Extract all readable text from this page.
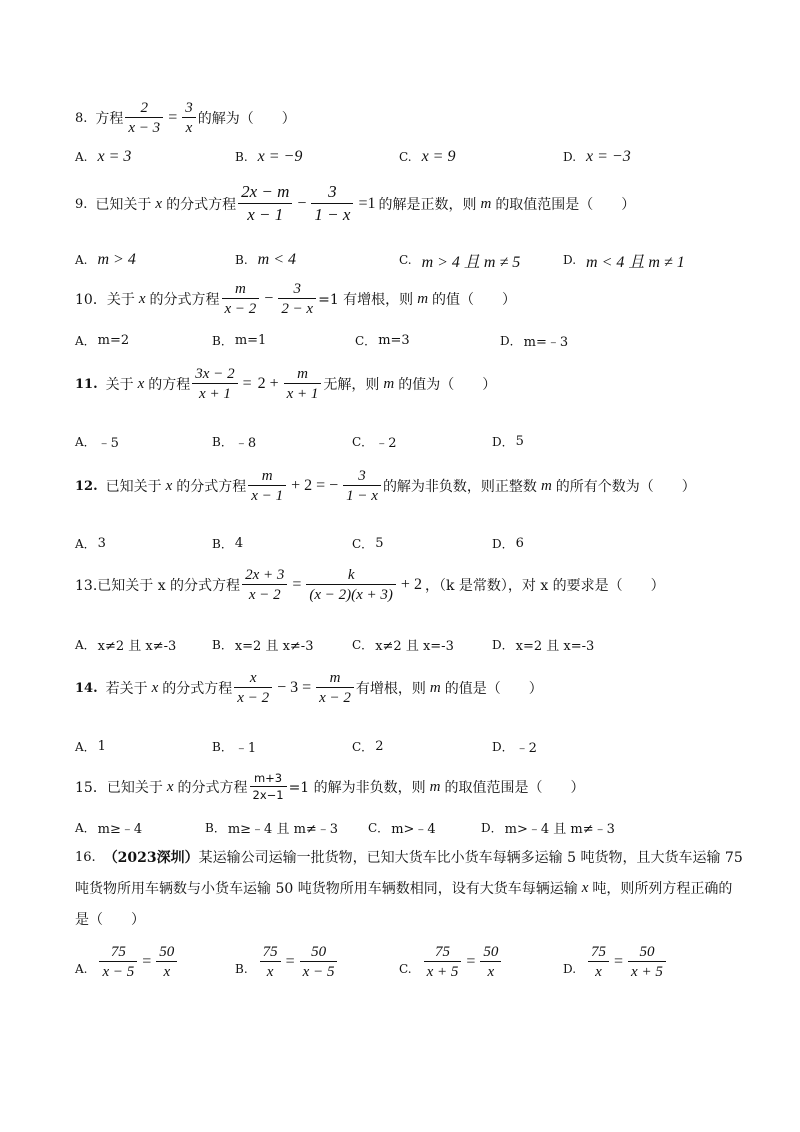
8. 方程 $\frac{2}{x - 3} = \frac{3}{x}$ 的解为（　　）
A. x = 3	B. x = −9	C. x = 9	D. x = −3
9. 已知关于 x 的分式方程 $\frac{2x - m}{x - 1} - \frac{3}{1 - x} =1$ 的解是正数，则 m 的取值范围是（　　）
A. m > 4	B. m < 4	C. m > 4 且 m ≠ 5	D. m < 4 且 m ≠ 1
10．关于 x 的分式方程 $\frac{m}{x - 2} - \frac{3}{2 - x} =1$ 有增根，则 m 的值（　　）
A． m=2	B． m=1	C． m=3	D． m=﹣3
11. 关于 x 的方程 $\frac{3x - 2}{x + 1} = 2 + \frac{m}{x + 1}$ 无解，则 m 的值为（　　）
A． ﹣5	B． ﹣8	C． ﹣2	D． 5
12. 已知关于 x 的分式方程 $\frac{m}{x - 1} + 2$ = − $\frac{3}{1 - x}$ 的解为非负数，则正整数 m 的所有个数为（　　）
A． 3	B． 4	C． 5	D． 6
13.已知关于 x 的分式方程 $\frac{2x + 3}{x - 2} = \frac{k}{(x - 2)(x + 3)} + 2$ ，（k 是常数），对 x 的要求是（　　）
A． x≠2 且 x≠-3	B． x=2 且 x≠-3	C． x≠2 且 x=-3	D． x=2 且 x=-3
14. 若关于 x 的分式方程 $\frac{x}{x - 2} - 3 = \frac{m}{x - 2}$ 有增根，则 m 的值是（　　）
A． 1	B． ﹣1	C． 2	D． ﹣2
15．已知关于 x 的分式方程 $\frac{m+3}{2x-1} =1$ 的解为非负数，则 m 的取值范围是（　　）
A． m≥﹣4	B． m≥﹣4 且 m≠﹣3 C． m>﹣4	D． m>﹣4 且 m≠﹣3
16. （2023深圳） 某运输公司运输一批货物，已知大货车比小货车每辆多运输 5 吨货物，且大货车运输 75
吨货物所用车辆数与小货车运输 50 吨货物所用车辆数相同，设有大货车每辆运输 x 吨，则所列方程正确的
是（　　）
A. $\frac{75}{x - 5} = \frac{50}{x}$	B. $\frac{75}{x} = \frac{50}{x - 5}$	C. $\frac{75}{x + 5} = \frac{50}{x}$	D. $\frac{75}{x} = \frac{50}{x + 5}$
